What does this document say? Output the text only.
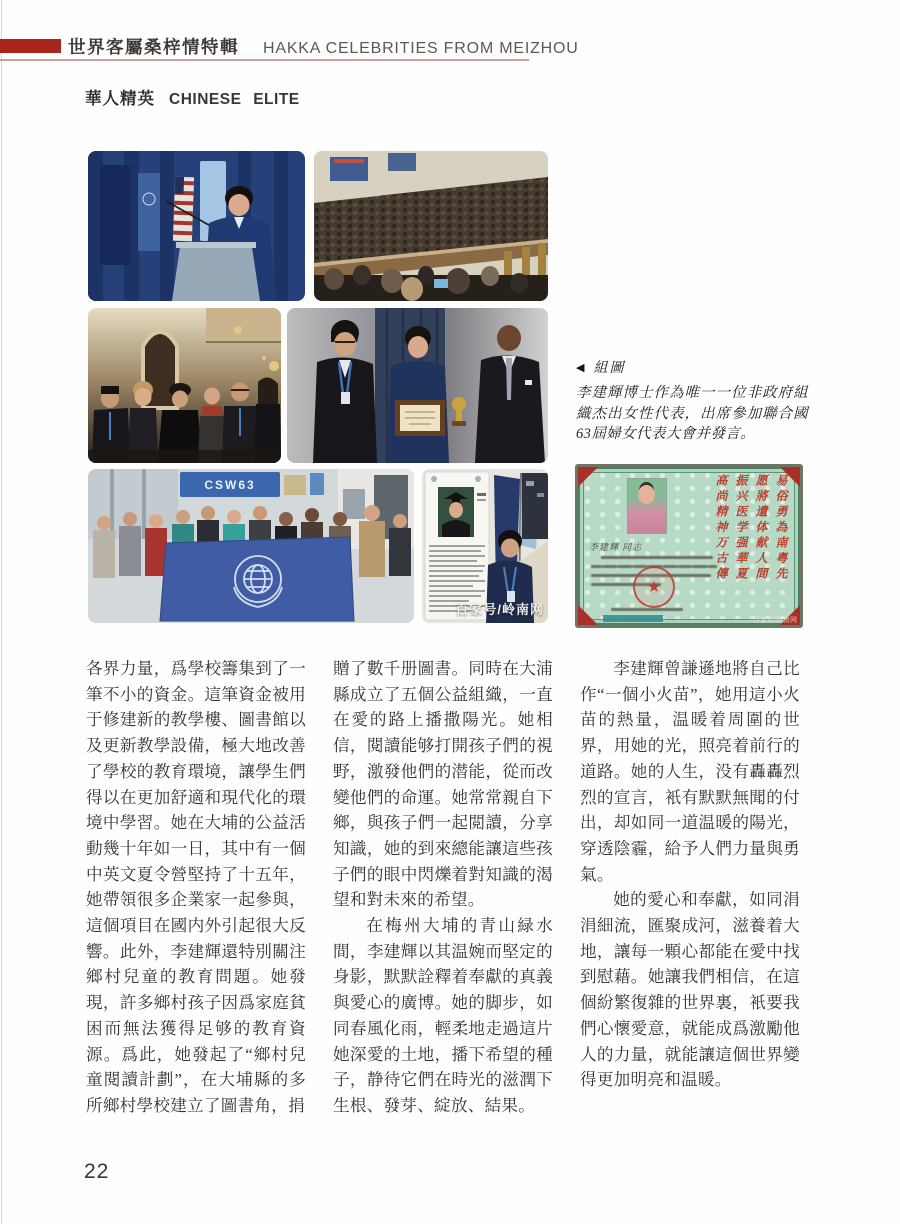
世界客屬桑梓情特輯 HAKKA CELEBRITIES FROM MEIZHOU
華人精英 CHINESE ELITE
CSW63
百家号/岭南网
◀ 組圖
李建輝博士作為唯一一位非政府組織杰出女性代表，出席參加聯合國63屆婦女代表大會并發言。
李建輝 同志
★
易俗勇為南粤先
愿將遺体献人間
振兴医学强華夏
高尚精神万古傳
百家号/岭南网

各界力量，爲學校籌集到了一筆不小的資金。這筆資金被用于修建新的教學樓、圖書館以及更新教學設備，極大地改善了學校的教育環境，讓學生們得以在更加舒適和現代化的環境中學習。她在大埔的公益活動幾十年如一日，其中有一個中英文夏令營堅持了十五年，她帶領很多企業家一起參與，這個項目在國内外引起很大反響。此外，李建輝還特別關注鄉村兒童的教育問題。她發現，許多鄉村孩子因爲家庭貧困而無法獲得足够的教育資源。爲此，她發起了“鄉村兒童閱讀計劃”，在大埔縣的多所鄉村學校建立了圖書角，捐

贈了數千册圖書。同時在大浦縣成立了五個公益組織，一直在愛的路上播撒陽光。她相信，閱讀能够打開孩子們的視野，激發他們的潜能，從而改變他們的命運。她常常親自下鄉，與孩子們一起閲讀，分享知識，她的到來總能讓這些孩子們的眼中閃爍着對知識的渴望和對未來的希望。

在梅州大埔的青山緑水間，李建輝以其温婉而堅定的身影，默默詮釋着奉獻的真義與愛心的廣博。她的脚步，如同春風化雨，輕柔地走過這片她深愛的土地，播下希望的種子，静待它們在時光的滋潤下生根、發芽、綻放、結果。

李建輝曾謙遜地將自己比作“一個小火苗”，她用這小火苗的熱量，温暖着周圍的世界，用她的光，照亮着前行的道路。她的人生，没有轟轟烈烈的宣言，衹有默默無聞的付出，却如同一道温暖的陽光，穿透陰霾，給予人們力量與勇氣。

她的愛心和奉獻，如同涓涓細流，匯聚成河，滋養着大地，讓每一顆心都能在愛中找到慰藉。她讓我們相信，在這個紛繁復雜的世界裏，衹要我們心懷愛意，就能成爲激勵他人的力量，就能讓這個世界變得更加明亮和温暖。

22
